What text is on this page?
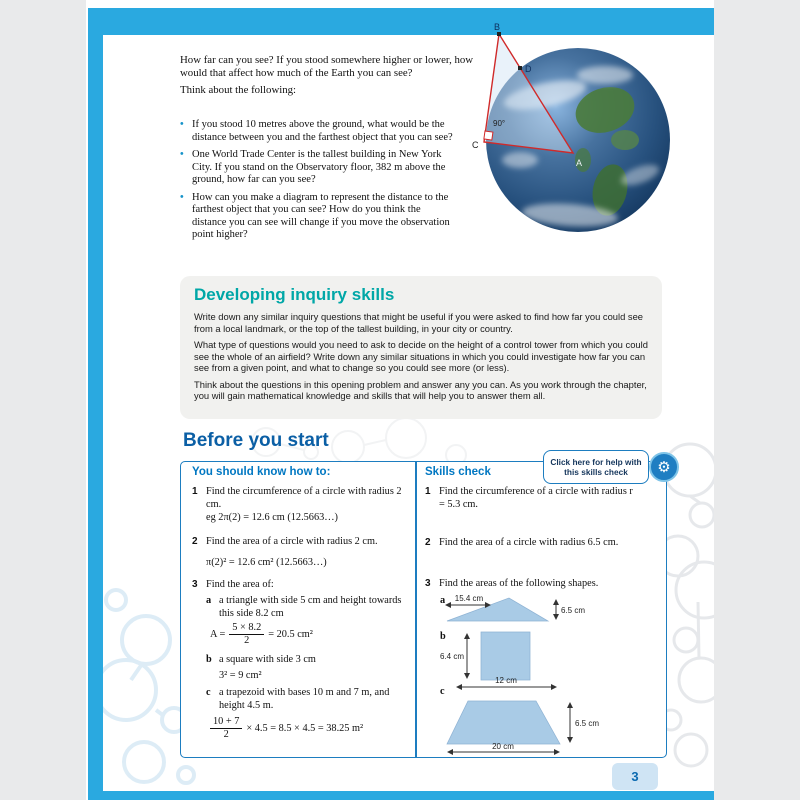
How far can you see? If you stood somewhere higher or lower, how would that affect how much of the Earth you can see?
Think about the following:
• If you stood 10 metres above the ground, what would be the distance between you and the farthest object that you can see?
• One World Trade Center is the tallest building in New York City. If you stand on the Observatory floor, 382 m above the ground, how far can you see?
• How can you make a diagram to represent the distance to the farthest object that you can see? How do you think the distance you can see will change if you move the observation point higher?
B
D
C
A
90°
Developing inquiry skills

Write down any similar inquiry questions that might be useful if you were asked to find how far you could see from a local landmark, or the top of the tallest building, in your city or country.

What type of questions would you need to ask to decide on the height of a control tower from which you could see the whole of an airfield? Write down any similar situations in which you could investigate how far you can see from a given point, and what to change so you could see more (or less).

Think about the questions in this opening problem and answer any you can. As you work through the chapter, you will gain mathematical knowledge and skills that will help you to answer them all.

Before you start
You should know how to:
1 Find the circumference of a circle with radius 2 cm.
eg 2π(2) = 12.6 cm (12.5663…)
2 Find the area of a circle with radius 2 cm.
π(2)² = 12.6 cm² (12.5663…)
3 Find the area of:
a a triangle with side 5 cm and height towards this side 8.2 cm
$A = \frac{5 \times 8.2}{2} = 20.5$ cm²
b a square with side 3 cm
3² = 9 cm²
c a trapezoid with bases 10 m and 7 m, and height 4.5 m.
$\frac{10 + 7}{2} \times 4.5 = 8.5 \times 4.5 = 38.25$ m²
Skills check
1 Find the circumference of a circle with radius r = 5.3 cm.
2 Find the area of a circle with radius 6.5 cm.
3 Find the areas of the following shapes.
a 15.4 cm
6.5 cm
b
6.4 cm
12 cm
c
6.5 cm
20 cm
Click here for help with this skills check	⚙
3
